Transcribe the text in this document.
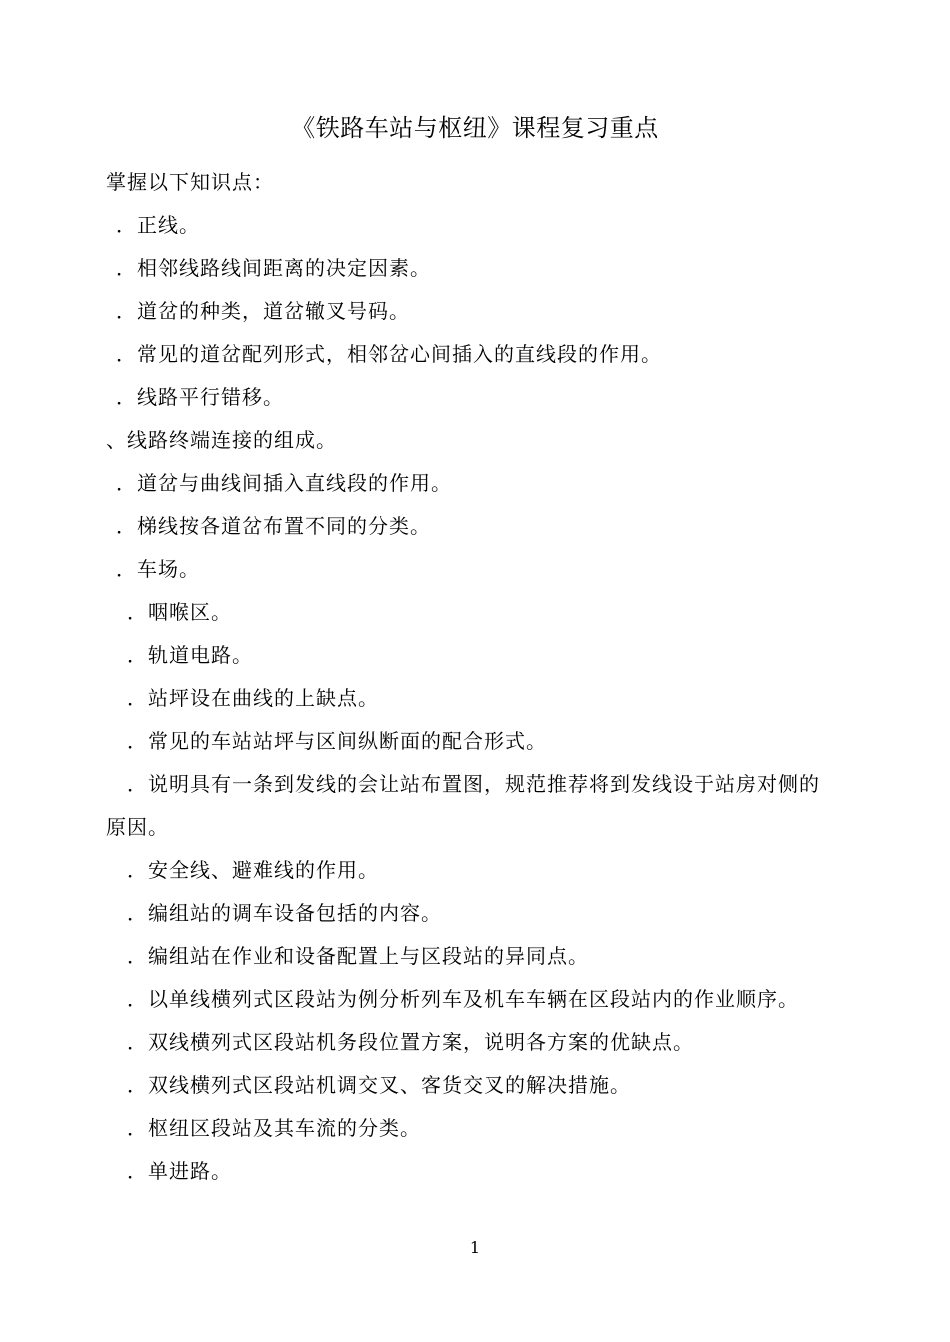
《铁路车站与枢纽》课程复习重点
掌握以下知识点：
．正线。
．相邻线路线间距离的决定因素。
．道岔的种类，道岔辙叉号码。
．常见的道岔配列形式，相邻岔心间插入的直线段的作用。
．线路平行错移。
、线路终端连接的组成。
．道岔与曲线间插入直线段的作用。
．梯线按各道岔布置不同的分类。
．车场。
．咽喉区。
．轨道电路。
．站坪设在曲线的上缺点。
．常见的车站站坪与区间纵断面的配合形式。
．说明具有一条到发线的会让站布置图，规范推荐将到发线设于站房对侧的
原因。
．安全线、避难线的作用。
．编组站的调车设备包括的内容。
．编组站在作业和设备配置上与区段站的异同点。
．以单线横列式区段站为例分析列车及机车车辆在区段站内的作业顺序。
．双线横列式区段站机务段位置方案，说明各方案的优缺点。
．双线横列式区段站机调交叉、客货交叉的解决措施。
．枢纽区段站及其车流的分类。
．单进路。
1
